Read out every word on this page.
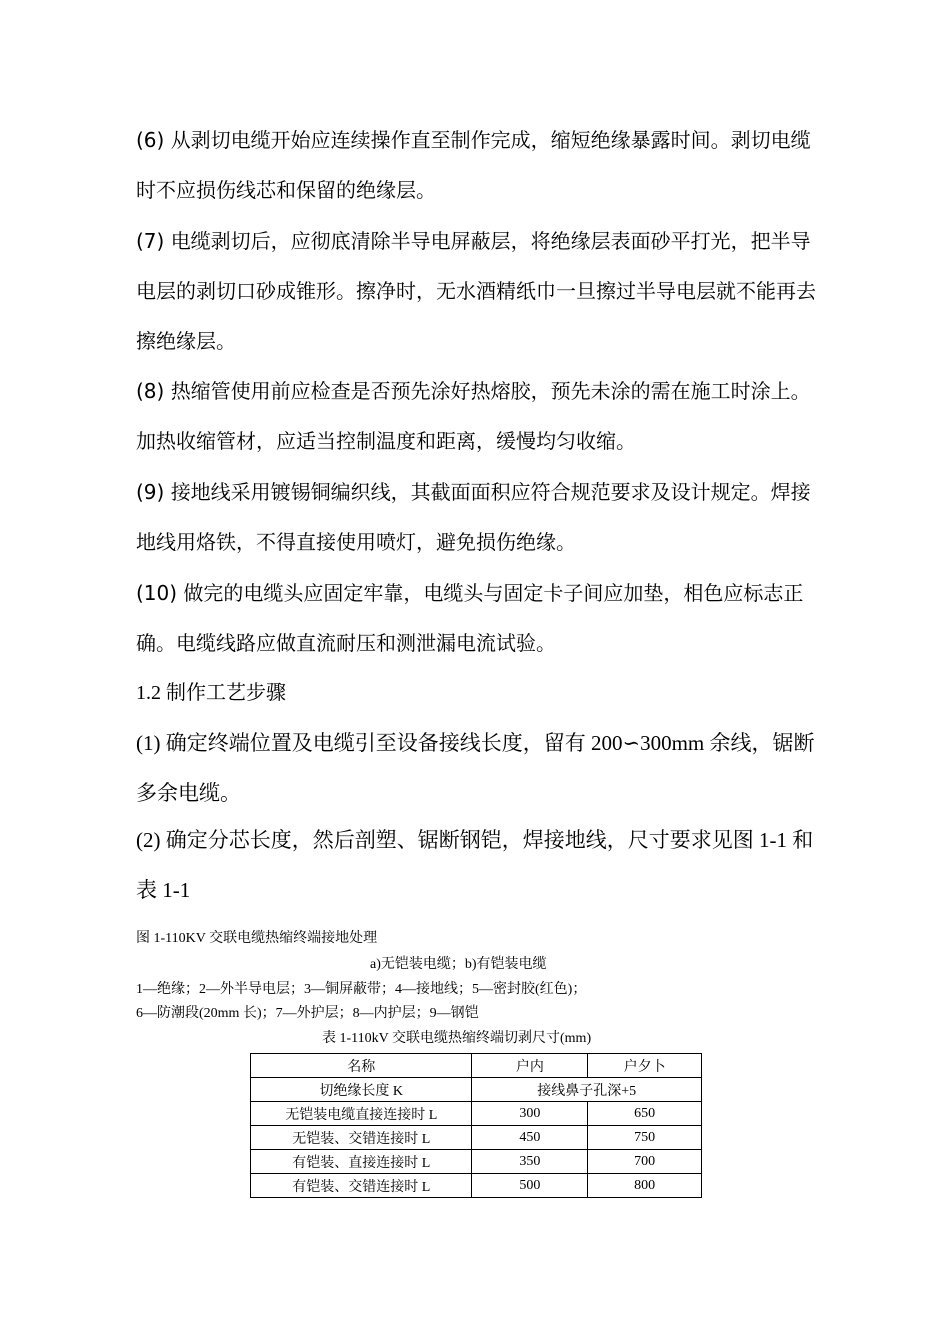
(6) 从剥切电缆开始应连续操作直至制作完成，缩短绝缘暴露时间。剥切电缆时不应损伤线芯和保留的绝缘层。
(7) 电缆剥切后，应彻底清除半导电屏蔽层，将绝缘层表面砂平打光，把半导电层的剥切口砂成锥形。擦净时，无水酒精纸巾一旦擦过半导电层就不能再去擦绝缘层。
(8) 热缩管使用前应检查是否预先涂好热熔胶，预先未涂的需在施工时涂上。加热收缩管材，应适当控制温度和距离，缓慢均匀收缩。
(9) 接地线采用镀锡铜编织线，其截面面积应符合规范要求及设计规定。焊接地线用烙铁，不得直接使用喷灯，避免损伤绝缘。
(10) 做完的电缆头应固定牢靠，电缆头与固定卡子间应加垫，相色应标志正确。电缆线路应做直流耐压和测泄漏电流试验。
1.2 制作工艺步骤
(1) 确定终端位置及电缆引至设备接线长度，留有 200∽300mm 余线，锯断多余电缆。
(2) 确定分芯长度，然后剖塑、锯断钢铠，焊接地线，尺寸要求见图 1-1 和表 1-1
图 1-110KV 交联电缆热缩终端接地处理
a)无铠装电缆；b)有铠装电缆
1—绝缘；2—外半导电层；3—铜屏蔽带；4—接地线；5—密封胶(红色)；
6—防潮段(20mm 长)；7—外护层；8—内护层；9—钢铠
表 1-110kV 交联电缆热缩终端切剥尺寸(mm)
名称	户内	户夕卜
切绝缘长度 K	接线鼻子孔深+5	
无铠装电缆直接连接时 L	300	650
无铠装、交错连接时 L	450	750
有铠装、直接连接时 L	350	700
有铠装、交错连接时 L	500	800
